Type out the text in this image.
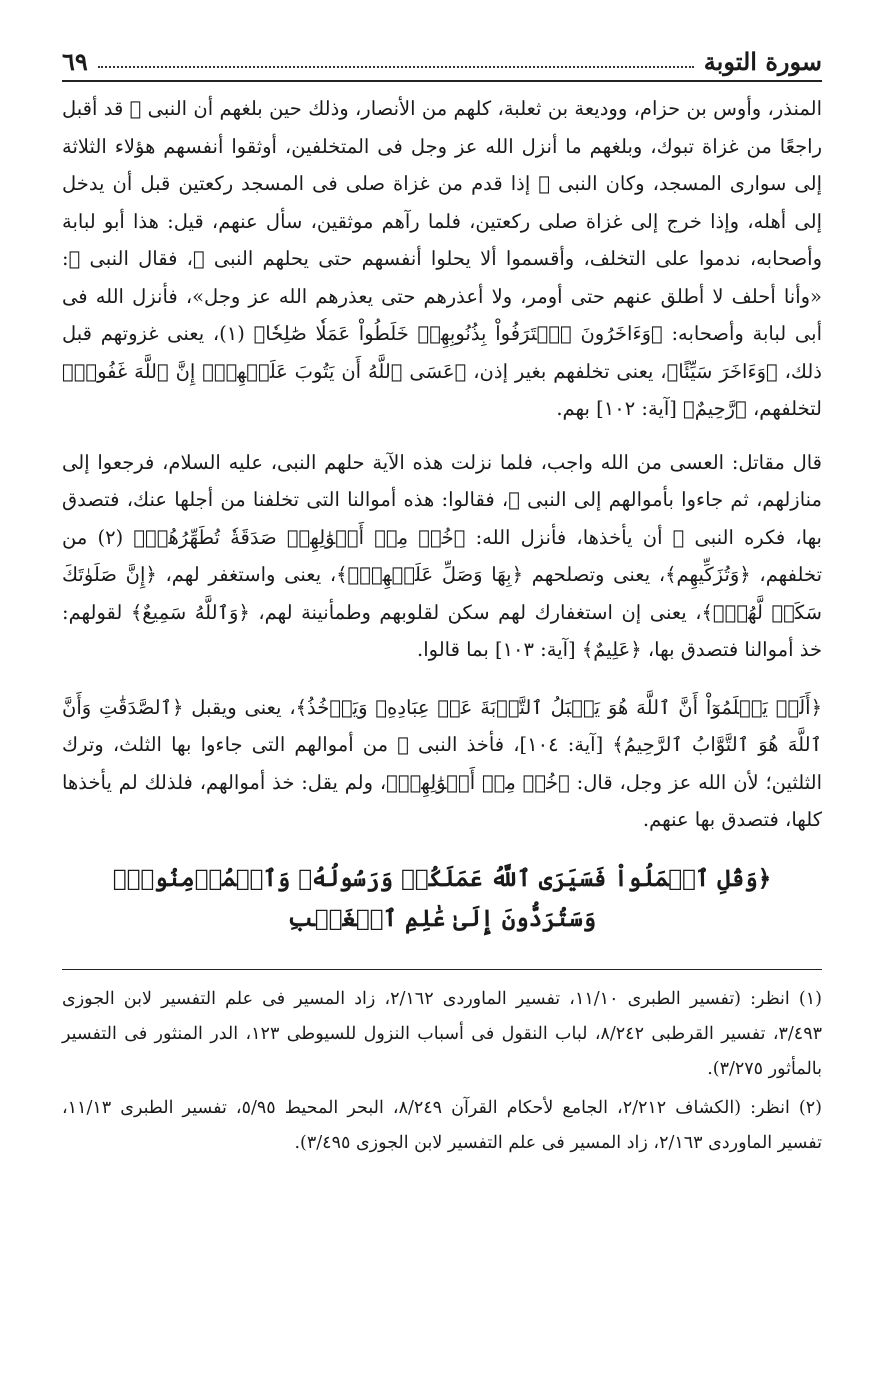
سورة التوبة
٦٩

المنذر، وأوس بن حزام، ووديعة بن ثعلبة، كلهم من الأنصار، وذلك حين بلغهم أن النبى ﷺ قد أقبل راجعًا من غزاة تبوك، وبلغهم ما أنزل الله عز وجل فى المتخلفين، أوثقوا أنفسهم هؤلاء الثلاثة إلى سوارى المسجد، وكان النبى ﷺ إذا قدم من غزاة صلى فى المسجد ركعتين قبل أن يدخل إلى أهله، وإذا خرج إلى غزاة صلى ركعتين، فلما رآهم موثقين، سأل عنهم، قيل: هذا أبو لبابة وأصحابه، ندموا على التخلف، وأقسموا ألا يحلوا أنفسهم حتى يحلهم النبى ﷺ، فقال النبى ﷺ: «وأنا أحلف لا أطلق عنهم حتى أومر، ولا أعذرهم حتى يعذرهم الله عز وجل»، فأنزل الله فى أبى لبابة وأصحابه: ﴿وَءَاخَرُونَ ٱعۡتَرَفُواْ بِذُنُوبِهِمۡ خَلَطُواْ عَمَلٗا صَٰلِحٗا﴾ (١)، يعنى غزوتهم قبل ذلك، ﴿وَءَاخَرَ سَيِّئًا﴾، يعنى تخلفهم بغير إذن، ﴿عَسَى ٱللَّهُ أَن يَتُوبَ عَلَيۡهِمۡۚ إِنَّ ٱللَّهَ غَفُورٞ﴾ لتخلفهم، ﴿رَّحِيمٌ﴾ [آية: ١٠٢] بهم.

قال مقاتل: العسى من الله واجب، فلما نزلت هذه الآية حلهم النبى، عليه السلام، فرجعوا إلى منازلهم، ثم جاءوا بأموالهم إلى النبى ﷺ، فقالوا: هذه أموالنا التى تخلفنا من أجلها عنك، فتصدق بها، فكره النبى ﷺ أن يأخذها، فأنزل الله: ﴿خُذۡ مِنۡ أَمۡوَٰلِهِمۡ صَدَقَةٗ تُطَهِّرُهُمۡ﴾ (٢) من تخلفهم، ﴿وَتُزَكِّيهِم﴾، يعنى وتصلحهم ﴿بِهَا وَصَلِّ عَلَيۡهِمۡۖ﴾، يعنى واستغفر لهم، ﴿إِنَّ صَلَوٰتَكَ سَكَنٞ لَّهُمۡۗ﴾، يعنى إن استغفارك لهم سكن لقلوبهم وطمأنينة لهم، ﴿وَٱللَّهُ سَمِيعٌ﴾ لقولهم: خذ أموالنا فتصدق بها، ﴿عَلِيمٌ﴾ [آية: ١٠٣] بما قالوا.

﴿أَلَمۡ يَعۡلَمُوٓاْ أَنَّ ٱللَّهَ هُوَ يَقۡبَلُ ٱلتَّوۡبَةَ عَنۡ عِبَادِهِۦ وَيَأۡخُذُ﴾، يعنى ويقبل ﴿ٱلصَّدَقَٰتِ وَأَنَّ ٱللَّهَ هُوَ ٱلتَّوَّابُ ٱلرَّحِيمُ﴾ [آية: ١٠٤]، فأخذ النبى ﷺ من أموالهم التى جاءوا بها الثلث، وترك الثلثين؛ لأن الله عز وجل، قال: ﴿خُذۡ مِنۡ أَمۡوَٰلِهِمۡ﴾، ولم يقل: خذ أموالهم، فلذلك لم يأخذها كلها، فتصدق بها عنهم.

﴿وَقُلِ ٱعۡمَلُواْ فَسَيَرَى ٱللَّهُ عَمَلَكُمۡ وَرَسُولُهُۥ وَٱلۡمُؤۡمِنُونَۖ وَسَتُرَدُّونَ إِلَىٰ عَٰلِمِ ٱلۡغَيۡبِ

(١) انظر: (تفسير الطبرى ١١/١٠، تفسير الماوردى ٢/١٦٢، زاد المسير فى علم التفسير لابن الجوزى ٣/٤٩٣، تفسير القرطبى ٨/٢٤٢، لباب النقول فى أسباب النزول للسيوطى ١٢٣، الدر المنثور فى التفسير بالمأثور ٣/٢٧٥).

(٢) انظر: (الكشاف ٢/٢١٢، الجامع لأحكام القرآن ٨/٢٤٩، البحر المحيط ٥/٩٥، تفسير الطبرى ١١/١٣، تفسير الماوردى ٢/١٦٣، زاد المسير فى علم التفسير لابن الجوزى ٣/٤٩٥).
